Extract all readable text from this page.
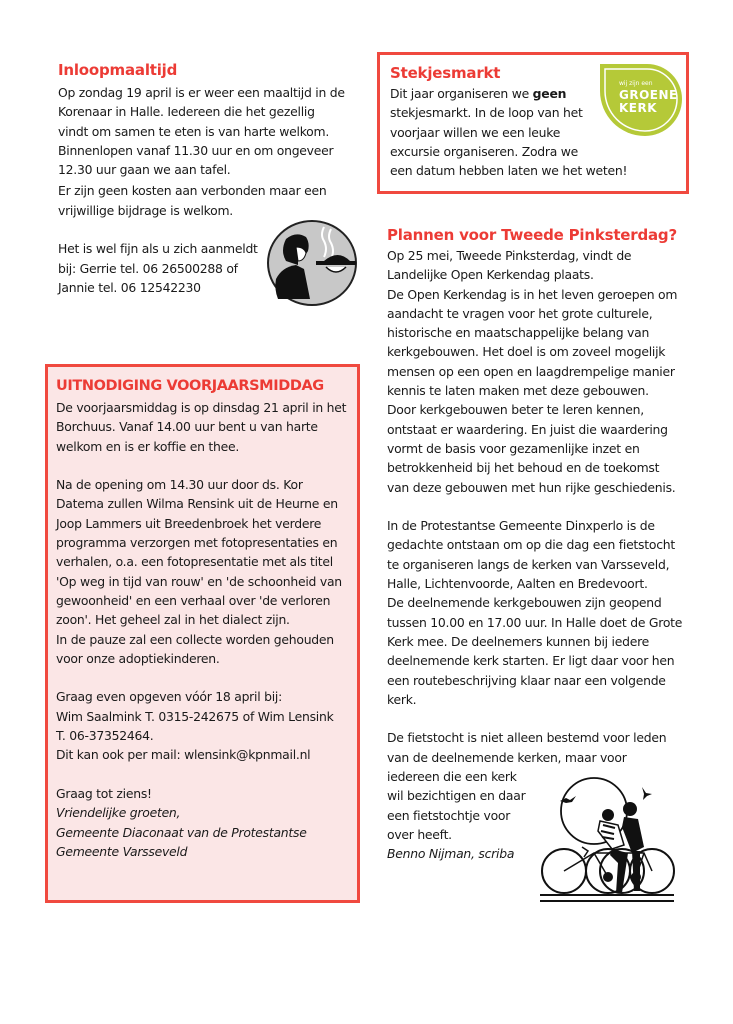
Inloopmaaltijd

Op zondag 19 april is er weer een maaltijd in de

Korenaar in Halle. Iedereen die het gezellig

vindt om samen te eten is van harte welkom.

Binnenlopen vanaf 11.30 uur en om ongeveer

12.30 uur gaan we aan tafel.

Er zijn geen kosten aan verbonden maar een

vrijwillige bijdrage is welkom.

Het is wel fijn als u zich aanmeldt

bij: Gerrie tel. 06 26500288 of

Jannie tel. 06 12542230

Stekjesmarkt

Dit jaar organiseren we geen

stekjesmarkt. In de loop van het

voorjaar willen we een leuke

excursie organiseren. Zodra we

een datum hebben laten we het weten!

wij zijn een
GROENE
KERK
UITNODIGING VOORJAARSMIDDAG

De voorjaarsmiddag is op dinsdag 21 april in het

Borchuus. Vanaf 14.00 uur bent u van harte

welkom en is er koffie en thee.

Na de opening om 14.30 uur door ds. Kor

Datema zullen Wilma Rensink uit de Heurne en

Joop Lammers uit Breedenbroek het verdere

programma verzorgen met fotopresentaties en

verhalen, o.a. een fotopresentatie met als titel

'Op weg in tijd van rouw' en 'de schoonheid van

gewoonheid' en een verhaal over 'de verloren

zoon'. Het geheel zal in het dialect zijn.

In de pauze zal een collecte worden gehouden

voor onze adoptiekinderen.

Graag even opgeven vóór 18 april bij:

Wim Saalmink T. 0315-242675 of Wim Lensink

T. 06-37352464.

Dit kan ook per mail: wlensink@kpnmail.nl

Graag tot ziens!

Vriendelijke groeten,

Gemeente Diaconaat van de Protestantse

Gemeente Varsseveld

Plannen voor Tweede Pinksterdag?

Op 25 mei, Tweede Pinksterdag, vindt de

Landelijke Open Kerkendag plaats.

De Open Kerkendag is in het leven geroepen om

aandacht te vragen voor het grote culturele,

historische en maatschappelijke belang van

kerkgebouwen. Het doel is om zoveel mogelijk

mensen op een open en laagdrempelige manier

kennis te laten maken met deze gebouwen.

Door kerkgebouwen beter te leren kennen,

ontstaat er waardering. En juist die waardering

vormt de basis voor gezamenlijke inzet en

betrokkenheid bij het behoud en de toekomst

van deze gebouwen met hun rijke geschiedenis.

In de Protestantse Gemeente Dinxperlo is de

gedachte ontstaan om op die dag een fietstocht

te organiseren langs de kerken van Varsseveld,

Halle, Lichtenvoorde, Aalten en Bredevoort.

De deelnemende kerkgebouwen zijn geopend

tussen 10.00 en 17.00 uur. In Halle doet de Grote

Kerk mee. De deelnemers kunnen bij iedere

deelnemende kerk starten. Er ligt daar voor hen

een routebeschrijving klaar naar een volgende

kerk.

De fietstocht is niet alleen bestemd voor leden

van de deelnemende kerken, maar voor

iedereen die een kerk

wil bezichtigen en daar

een fietstochtje voor

over heeft.

Benno Nijman, scriba
